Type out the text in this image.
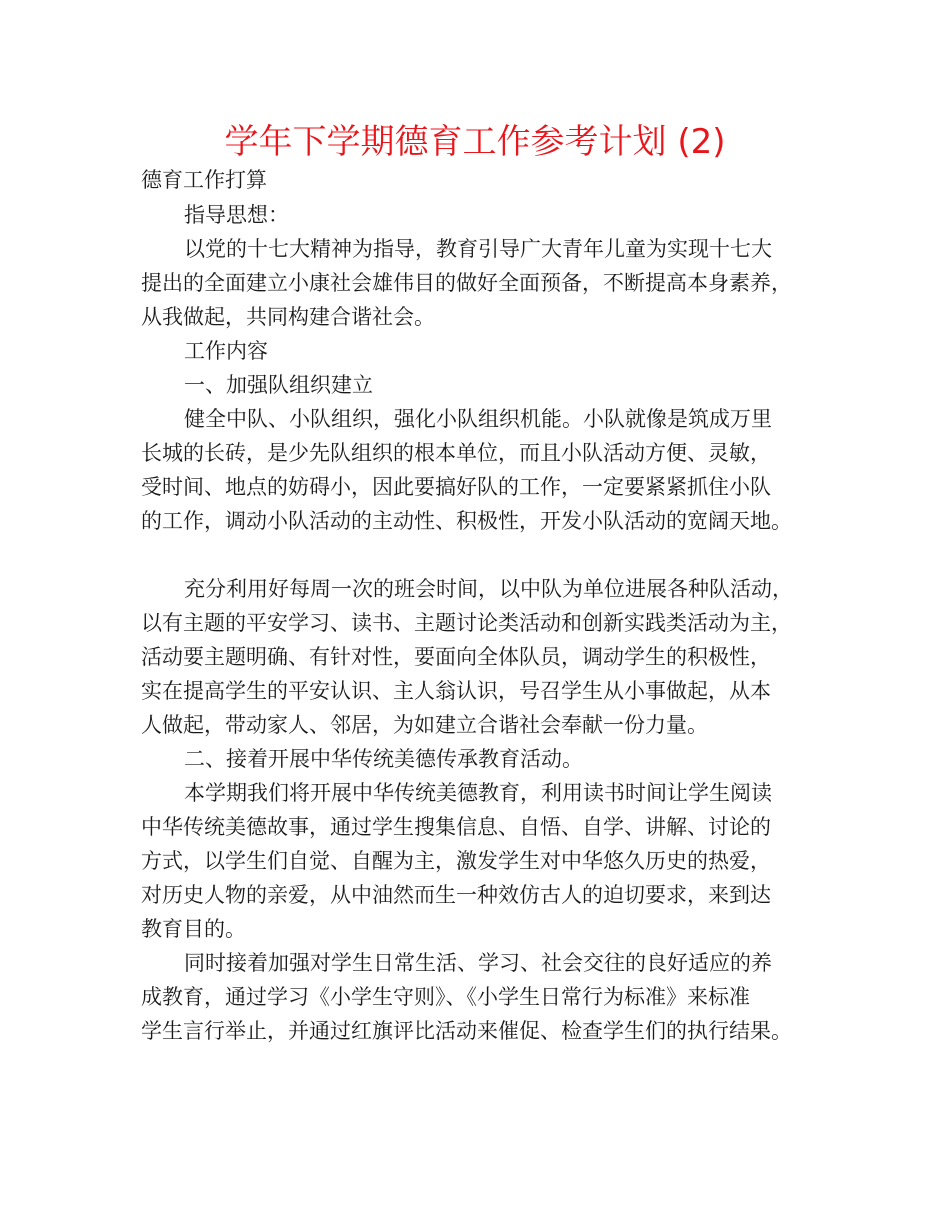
学年下学期德育工作参考计划 (2)
德育工作打算

指导思想：

以党的十七大精神为指导，教育引导广大青年儿童为实现十七大
提出的全面建立小康社会雄伟目的做好全面预备，不断提高本身素养，
从我做起，共同构建合谐社会。

工作内容

一、加强队组织建立

健全中队、小队组织，强化小队组织机能。小队就像是筑成万里
长城的长砖，是少先队组织的根本单位，而且小队活动方便、灵敏，
受时间、地点的妨碍小，因此要搞好队的工作，一定要紧紧抓住小队
的工作，调动小队活动的主动性、积极性，开发小队活动的宽阔天地。

充分利用好每周一次的班会时间，以中队为单位进展各种队活动，
以有主题的平安学习、读书、主题讨论类活动和创新实践类活动为主，
活动要主题明确、有针对性，要面向全体队员，调动学生的积极性，
实在提高学生的平安认识、主人翁认识，号召学生从小事做起，从本
人做起，带动家人、邻居，为如建立合谐社会奉献一份力量。

二、接着开展中华传统美德传承教育活动。

本学期我们将开展中华传统美德教育，利用读书时间让学生阅读
中华传统美德故事，通过学生搜集信息、自悟、自学、讲解、讨论的
方式，以学生们自觉、自醒为主，激发学生对中华悠久历史的热爱，
对历史人物的亲爱，从中油然而生一种效仿古人的迫切要求，来到达
教育目的。

同时接着加强对学生日常生活、学习、社会交往的良好适应的养
成教育，通过学习《小学生守则》、《小学生日常行为标准》来标准
学生言行举止，并通过红旗评比活动来催促、检查学生们的执行结果。
